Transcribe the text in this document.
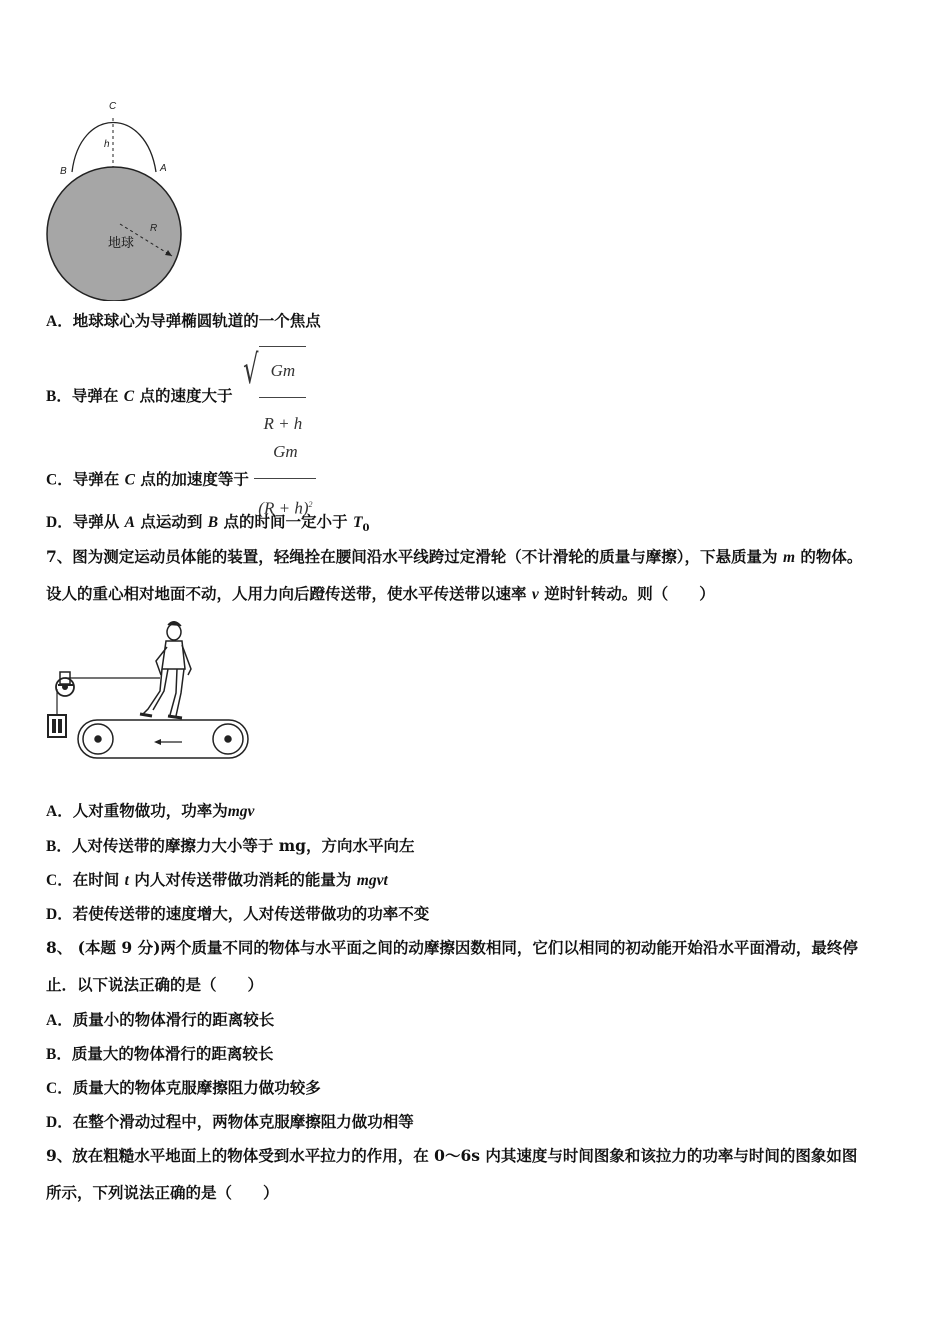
C
h
B	A
R
地球
A．地球球心为导弹椭圆轨道的一个焦点
B．导弹在 C 点的速度大于
√ $\frac{Gm}{R + h}$
C．导弹在 C 点的加速度等于 $\frac{Gm}{(R + h)^2}$
D．导弹从 A 点运动到 B 点的时间一定小于 $T_0$
7、图为测定运动员体能的装置，轻绳拴在腰间沿水平线跨过定滑轮（不计滑轮的质量与摩擦），下悬质量为 m 的物体。
设人的重心相对地面不动，人用力向后蹬传送带，使水平传送带以速率 v 逆时针转动。则（　　）
A．人对重物做功，功率为mgv
B．人对传送带的摩擦力大小等于 mg，方向水平向左
C．在时间 t 内人对传送带做功消耗的能量为 mgvt
D．若使传送带的速度增大，人对传送带做功的功率不变
8、 (本题 9 分)两个质量不同的物体与水平面之间的动摩擦因数相同，它们以相同的初动能开始沿水平面滑动，最终停
止．以下说法正确的是（　　）
A．质量小的物体滑行的距离较长
B．质量大的物体滑行的距离较长
C．质量大的物体克服摩擦阻力做功较多
D．在整个滑动过程中，两物体克服摩擦阻力做功相等
9、放在粗糙水平地面上的物体受到水平拉力的作用，在 0～6s 内其速度与时间图象和该拉力的功率与时间的图象如图
所示，下列说法正确的是（　　）
